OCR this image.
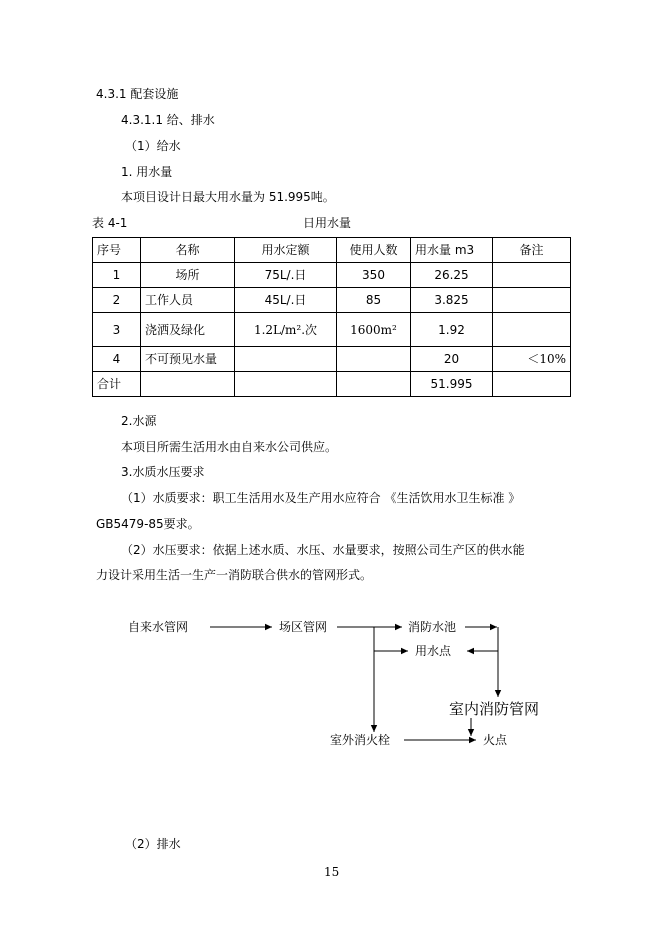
4.3.1 配套设施
4.3.1.1 给、排水
（1）给水
1. 用水量
本项目设计日最大用水量为 51.995吨。
表 4-1	日用水量
序号	名称	用水定额	使用人数	用水量 m3	备注
1	场所	75L/.日	350	26.25	
2	工作人员	45L/.日	85	3.825	
3	浇洒及绿化	1.2L/m².次	1600m²	1.92	
4	不可预见水量			20	＜10%
合计				51.995	
2.水源
本项目所需生活用水由自来水公司供应。
3.水质水压要求
（1）水质要求：职工生活用水及生产用水应符合 《生活饮用水卫生标准 》
GB5479-85要求。
（2）水压要求：依据上述水质、水压、水量要求，按照公司生产区的供水能
力设计采用生活一生产一消防联合供水的管网形式。
自来水管网	场区管网	消防水池
用水点
室内消防管网
室外消火栓	火点
（2）排水
15
